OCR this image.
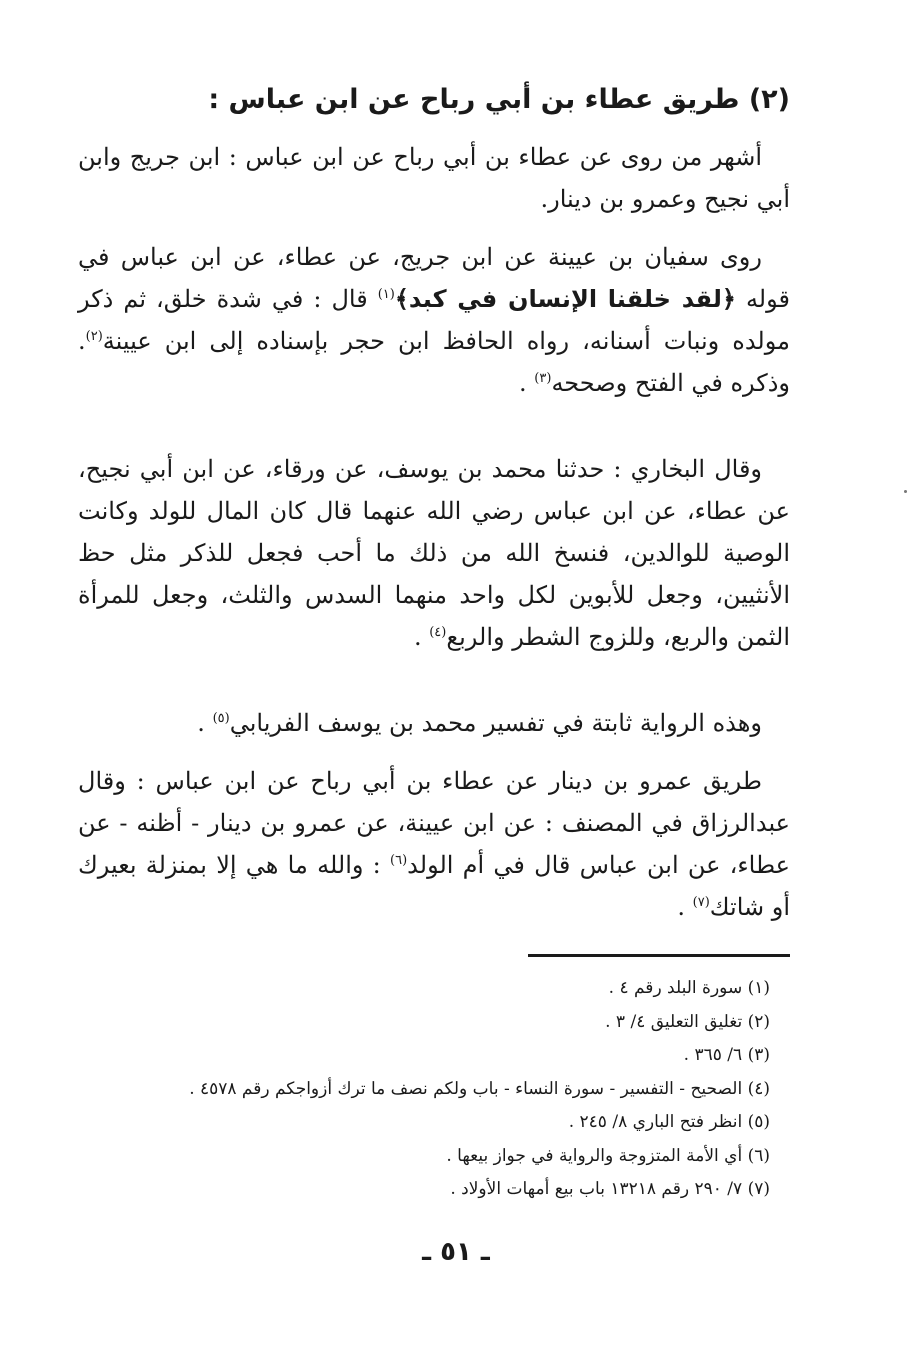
(٢) طريق عطاء بن أبي رباح عن ابن عباس :

أشهر من روى عن عطاء بن أبي رباح عن ابن عباس : ابن جريج وابن أبي نجيح وعمرو بن دينار.

روى سفيان بن عيينة عن ابن جريج، عن عطاء، عن ابن عباس في قوله ﴿لقد خلقنا الإنسان في كبد﴾$^{(١)}$ قال : في شدة خلق، ثم ذكر مولده ونبات أسنانه، رواه الحافظ ابن حجر بإسناده إلى ابن عيينة$^{(٢)}$. وذكره في الفتح وصححه$^{(٣)}$ .

وقال البخاري : حدثنا محمد بن يوسف، عن ورقاء، عن ابن أبي نجيح، عن عطاء، عن ابن عباس رضي الله عنهما قال كان المال للولد وكانت الوصية للوالدين، فنسخ الله من ذلك ما أحب فجعل للذكر مثل حظ الأنثيين، وجعل للأبوين لكل واحد منهما السدس والثلث، وجعل للمرأة الثمن والربع، وللزوج الشطر والربع$^{(٤)}$ .

وهذه الرواية ثابتة في تفسير محمد بن يوسف الفريابي$^{(٥)}$ .

طريق عمرو بن دينار عن عطاء بن أبي رباح عن ابن عباس : وقال عبدالرزاق في المصنف : عن ابن عيينة، عن عمرو بن دينار - أظنه - عن عطاء، عن ابن عباس قال في أم الولد$^{(٦)}$ : والله ما هي إلا بمنزلة بعيرك أو شاتك$^{(٧)}$ .

(١) سورة البلد رقم ٤ .
(٢) تغليق التعليق ٤/ ٣ .
(٣) ٦/ ٣٦٥ .
(٤) الصحيح - التفسير - سورة النساء - باب ولكم نصف ما ترك أزواجكم رقم ٤٥٧٨ .
(٥) انظر فتح الباري ٨/ ٢٤٥ .
(٦) أي الأمة المتزوجة والرواية في جواز بيعها .
(٧) ٧/ ٢٩٠ رقم ١٣٢١٨ باب بيع أمهات الأولاد .
ـ ٥١ ـ
